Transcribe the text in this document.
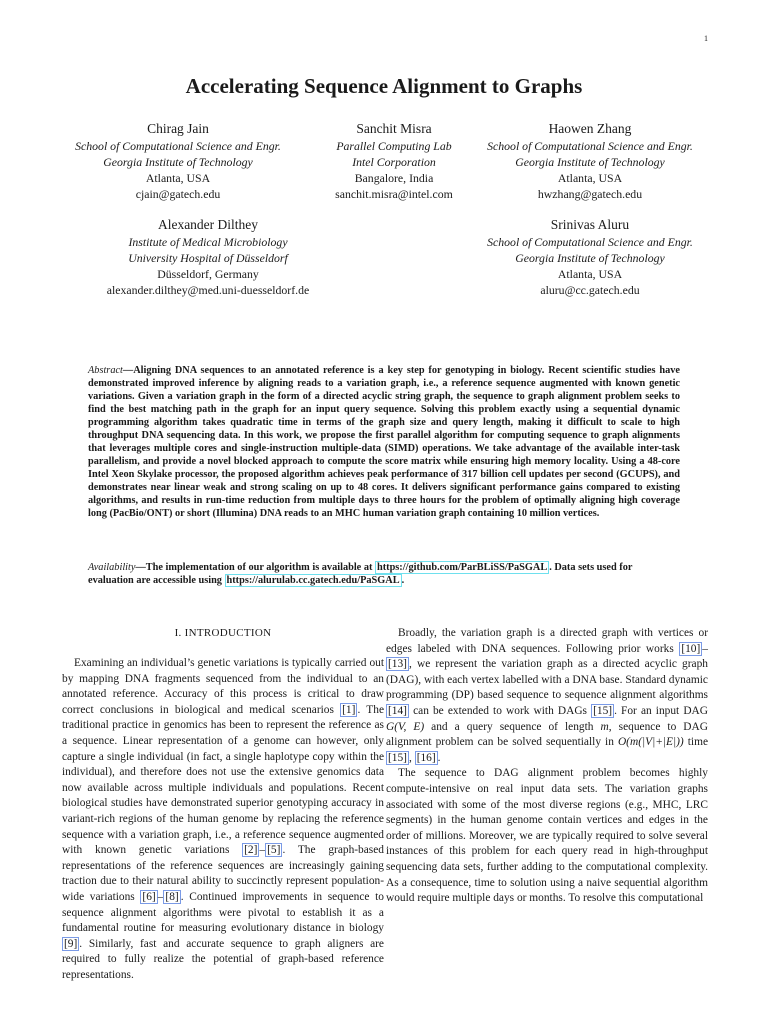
1
Accelerating Sequence Alignment to Graphs
Chirag Jain
School of Computational Science and Engr.
Georgia Institute of Technology
Atlanta, USA
cjain@gatech.edu
Sanchit Misra
Parallel Computing Lab
Intel Corporation
Bangalore, India
sanchit.misra@intel.com
Haowen Zhang
School of Computational Science and Engr.
Georgia Institute of Technology
Atlanta, USA
hwzhang@gatech.edu
Alexander Dilthey
Institute of Medical Microbiology
University Hospital of Düsseldorf
Düsseldorf, Germany
alexander.dilthey@med.uni-duesseldorf.de
Srinivas Aluru
School of Computational Science and Engr.
Georgia Institute of Technology
Atlanta, USA
aluru@cc.gatech.edu

Abstract—Aligning DNA sequences to an annotated reference is a key step for genotyping in biology. Recent scientific studies have demonstrated improved inference by aligning reads to a variation graph, i.e., a reference sequence augmented with known genetic variations. Given a variation graph in the form of a directed acyclic string graph, the sequence to graph alignment problem seeks to find the best matching path in the graph for an input query sequence. Solving this problem exactly using a sequential dynamic programming algorithm takes quadratic time in terms of the graph size and query length, making it difficult to scale to high throughput DNA sequencing data. In this work, we propose the first parallel algorithm for computing sequence to graph alignments that leverages multiple cores and single-instruction multiple-data (SIMD) operations. We take advantage of the available inter-task parallelism, and provide a novel blocked approach to compute the score matrix while ensuring high memory locality. Using a 48-core Intel Xeon Skylake processor, the proposed algorithm achieves peak performance of 317 billion cell updates per second (GCUPS), and demonstrates near linear weak and strong scaling on up to 48 cores. It delivers significant performance gains compared to existing algorithms, and results in run-time reduction from multiple days to three hours for the problem of optimally aligning high coverage long (PacBio/ONT) or short (Illumina) DNA reads to an MHC human variation graph containing 10 million vertices.

Availability—The implementation of our algorithm is available at https://github.com/ParBLiSS/PaSGAL . Data sets used for evaluation are accessible using https://alurulab.cc.gatech.edu/PaSGAL .

I. INTRODUCTION

Examining an individual’s genetic variations is typically carried out by mapping DNA fragments sequenced from the individual to an annotated reference. Accuracy of this process is critical to draw correct conclusions in biological and medical scenarios [1] . The traditional practice in genomics has been to represent the reference as a sequence. Linear representation of a genome can however, only capture a single individual (in fact, a single haplotype copy within the individual), and therefore does not use the extensive genomics data now available across multiple individuals and populations. Recent biological studies have demonstrated superior genotyping accuracy in variant-rich regions of the human genome by replacing the reference sequence with a variation graph, i.e., a reference sequence augmented with known genetic variations [2] – [5] . The graph-based representations of the reference sequences are increasingly gaining traction due to their natural ability to succinctly represent population-wide variations [6] – [8] . Continued improvements in sequence to sequence alignment algorithms were pivotal to establish it as a fundamental routine for measuring evolutionary distance in biology [9] . Similarly, fast and accurate sequence to graph aligners are required to fully realize the potential of graph-based reference representations.

Broadly, the variation graph is a directed graph with vertices or edges labeled with DNA sequences. Following prior works [10] –[13] , we represent the variation graph as a directed acyclic graph (DAG), with each vertex labelled with a DNA base. Standard dynamic programming (DP) based sequence to sequence alignment algorithms [14] can be extended to work with DAGs [15] . For an input DAG G(V, E) and a query sequence of length m, sequence to DAG alignment problem can be solved sequentially in O(m(|V|+|E|)) time [15] , [16] .

The sequence to DAG alignment problem becomes highly compute-intensive on real input data sets. The variation graphs associated with some of the most diverse regions (e.g., MHC, LRC segments) in the human genome contain vertices and edges in the order of millions. Moreover, we are typically required to solve several instances of this problem for each query read in high-throughput sequencing data sets, further adding to the computational complexity. As a consequence, time to solution using a naive sequential algorithm would require multiple days or months. To resolve this computational
